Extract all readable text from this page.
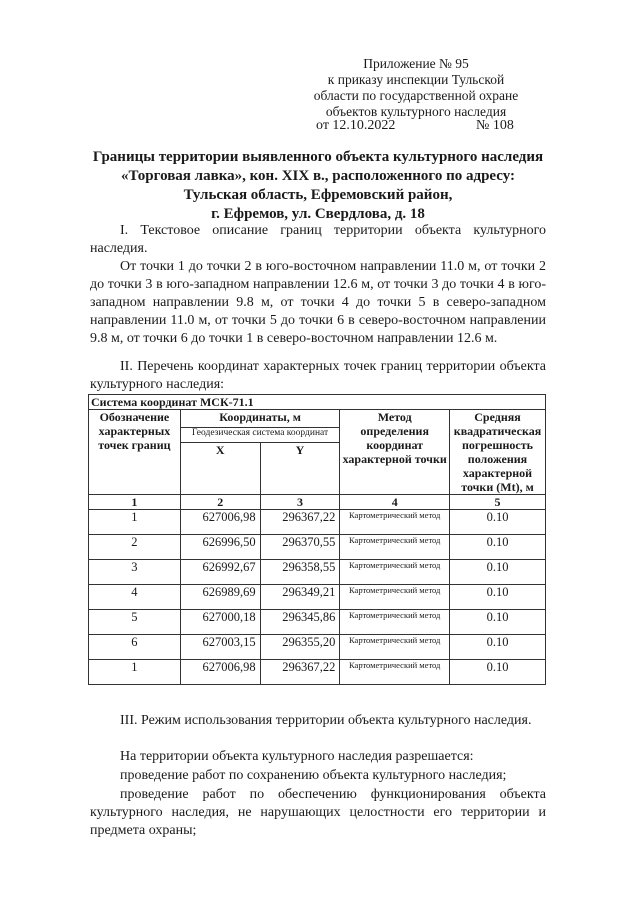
Приложение № 95
к приказу инспекции Тульской
области по государственной охране
объектов культурного наследия
от 12.10.2022	№ 108
Границы территории выявленного объекта культурного наследия
«Торговая лавка», кон. XIX в., расположенного по адресу:
Тульская область, Ефремовский район,
г. Ефремов, ул. Свердлова, д. 18
I. Текстовое описание границ территории объекта культурного наследия.
От точки 1 до точки 2 в юго-восточном направлении 11.0 м, от точки 2 до точки 3 в юго-западном направлении 12.6 м, от точки 3 до точки 4 в юго-западном направлении 9.8 м, от точки 4 до точки 5 в северо-западном направлении 11.0 м, от точки 5 до точки 6 в северо-восточном направлении 9.8 м, от точки 6 до точки 1 в северо-восточном направлении 12.6 м.
II. Перечень координат характерных точек границ территории объекта культурного наследия:
Система координат МСК-71.1				
Обозначение характерных точек границ	Координаты, м		Метод определения координат характерной точки	Средняя квадратическая погрешность положения характерной точки (Mt), м
	Геодезическая система координат			
	X	Y		
1	2	3	4	5
1	627006,98	296367,22	Картометрический метод	0.10
2	626996,50	296370,55	Картометрический метод	0.10
3	626992,67	296358,55	Картометрический метод	0.10
4	626989,69	296349,21	Картометрический метод	0.10
5	627000,18	296345,86	Картометрический метод	0.10
6	627003,15	296355,20	Картометрический метод	0.10
1	627006,98	296367,22	Картометрический метод	0.10
III. Режим использования территории объекта культурного наследия.
На территории объекта культурного наследия разрешается:
проведение работ по сохранению объекта культурного наследия;
проведение работ по обеспечению функционирования объекта культурного наследия, не нарушающих целостности его территории и предмета охраны;
